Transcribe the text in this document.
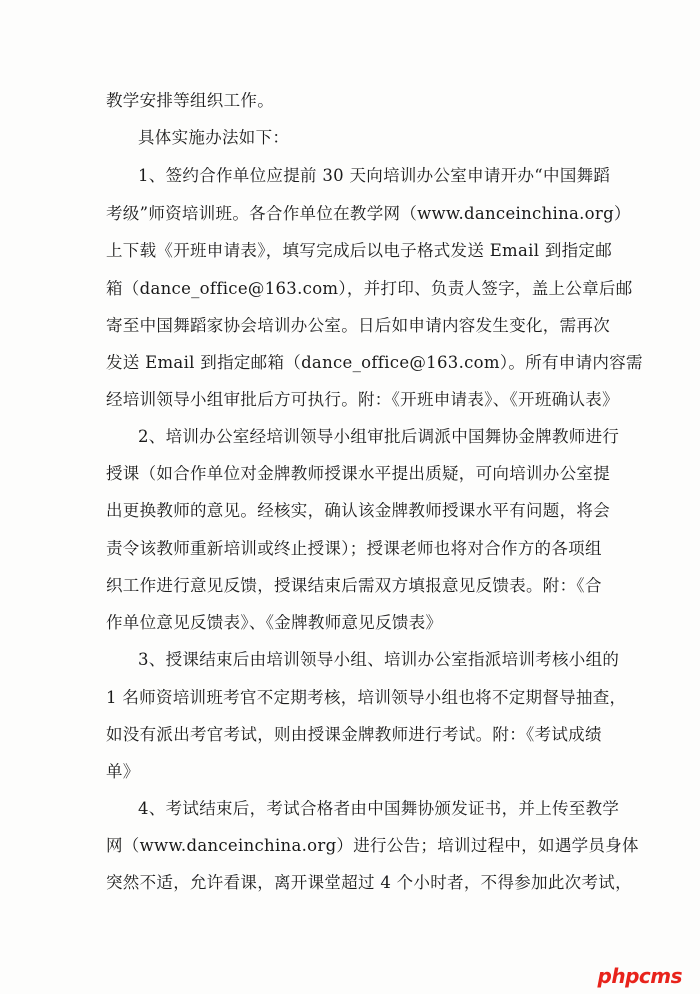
教学安排等组织工作。
具体实施办法如下：
1、签约合作单位应提前 30 天向培训办公室申请开办“中国舞蹈
考级”师资培训班。各合作单位在教学网（www.danceinchina.org）
上下载《开班申请表》，填写完成后以电子格式发送 Email 到指定邮
箱（dance_office@163.com），并打印、负责人签字，盖上公章后邮
寄至中国舞蹈家协会培训办公室。日后如申请内容发生变化，需再次
发送 Email 到指定邮箱（dance_office@163.com）。所有申请内容需
经培训领导小组审批后方可执行。附：《开班申请表》、《开班确认表》
2、培训办公室经培训领导小组审批后调派中国舞协金牌教师进行
授课（如合作单位对金牌教师授课水平提出质疑，可向培训办公室提
出更换教师的意见。经核实，确认该金牌教师授课水平有问题，将会
责令该教师重新培训或终止授课）；授课老师也将对合作方的各项组
织工作进行意见反馈，授课结束后需双方填报意见反馈表。附：《合
作单位意见反馈表》、《金牌教师意见反馈表》
3、授课结束后由培训领导小组、培训办公室指派培训考核小组的
1 名师资培训班考官不定期考核，培训领导小组也将不定期督导抽查，
如没有派出考官考试，则由授课金牌教师进行考试。附：《考试成绩
单》
4、考试结束后，考试合格者由中国舞协颁发证书，并上传至教学
网（www.danceinchina.org）进行公告；培训过程中，如遇学员身体
突然不适，允许看课，离开课堂超过 4 个小时者，不得参加此次考试，
phpcms
